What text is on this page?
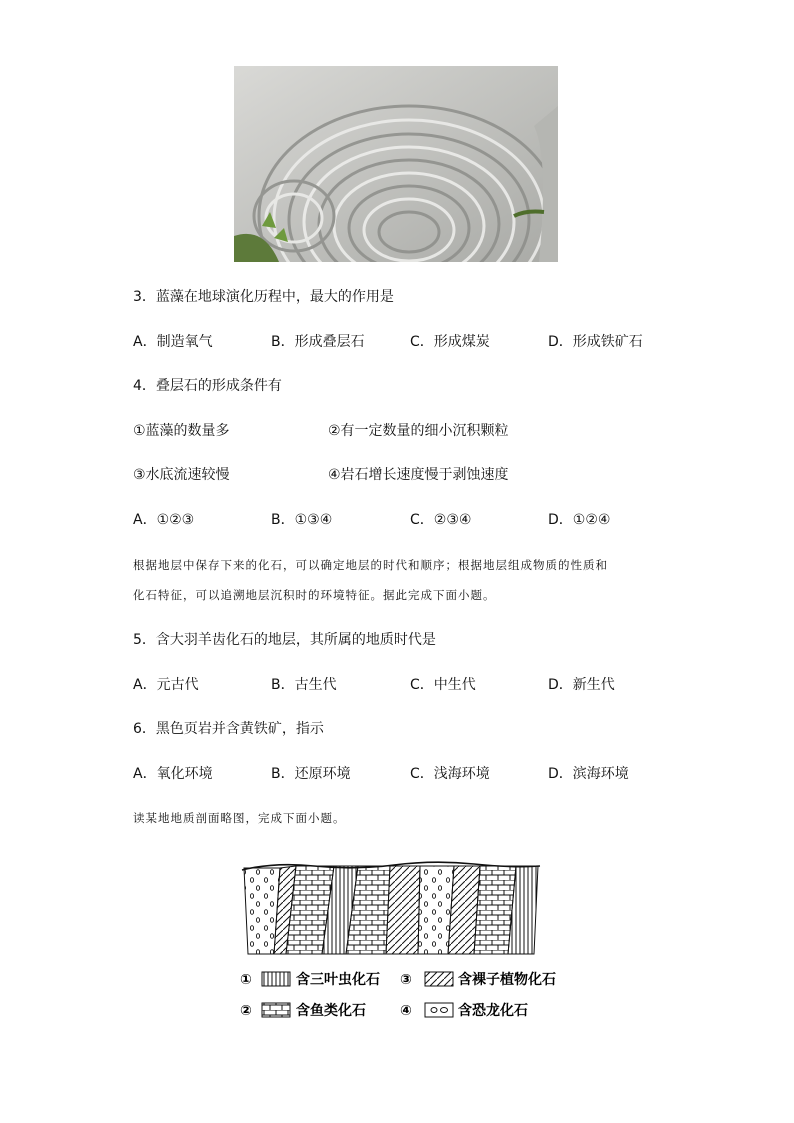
3．蓝藻在地球演化历程中，最大的作用是
A．制造氧气	B．形成叠层石	C．形成煤炭	D．形成铁矿石
4．叠层石的形成条件有
①蓝藻的数量多	②有一定数量的细小沉积颗粒
③水底流速较慢	④岩石增长速度慢于剥蚀速度
A．①②③	B．①③④	C．②③④	D．①②④
根据地层中保存下来的化石，可以确定地层的时代和顺序；根据地层组成物质的性质和
化石特征，可以追溯地层沉积时的环境特征。据此完成下面小题。
5．含大羽羊齿化石的地层，其所属的地质时代是
A．元古代	B．古生代	C．中生代	D．新生代
6．黑色页岩并含黄铁矿，指示
A．氧化环境	B．还原环境	C．浅海环境	D．滨海环境
读某地地质剖面略图，完成下面小题。
①	含三叶虫化石 ③	含裸子植物化石
②	含鱼类化石 ④	含恐龙化石
